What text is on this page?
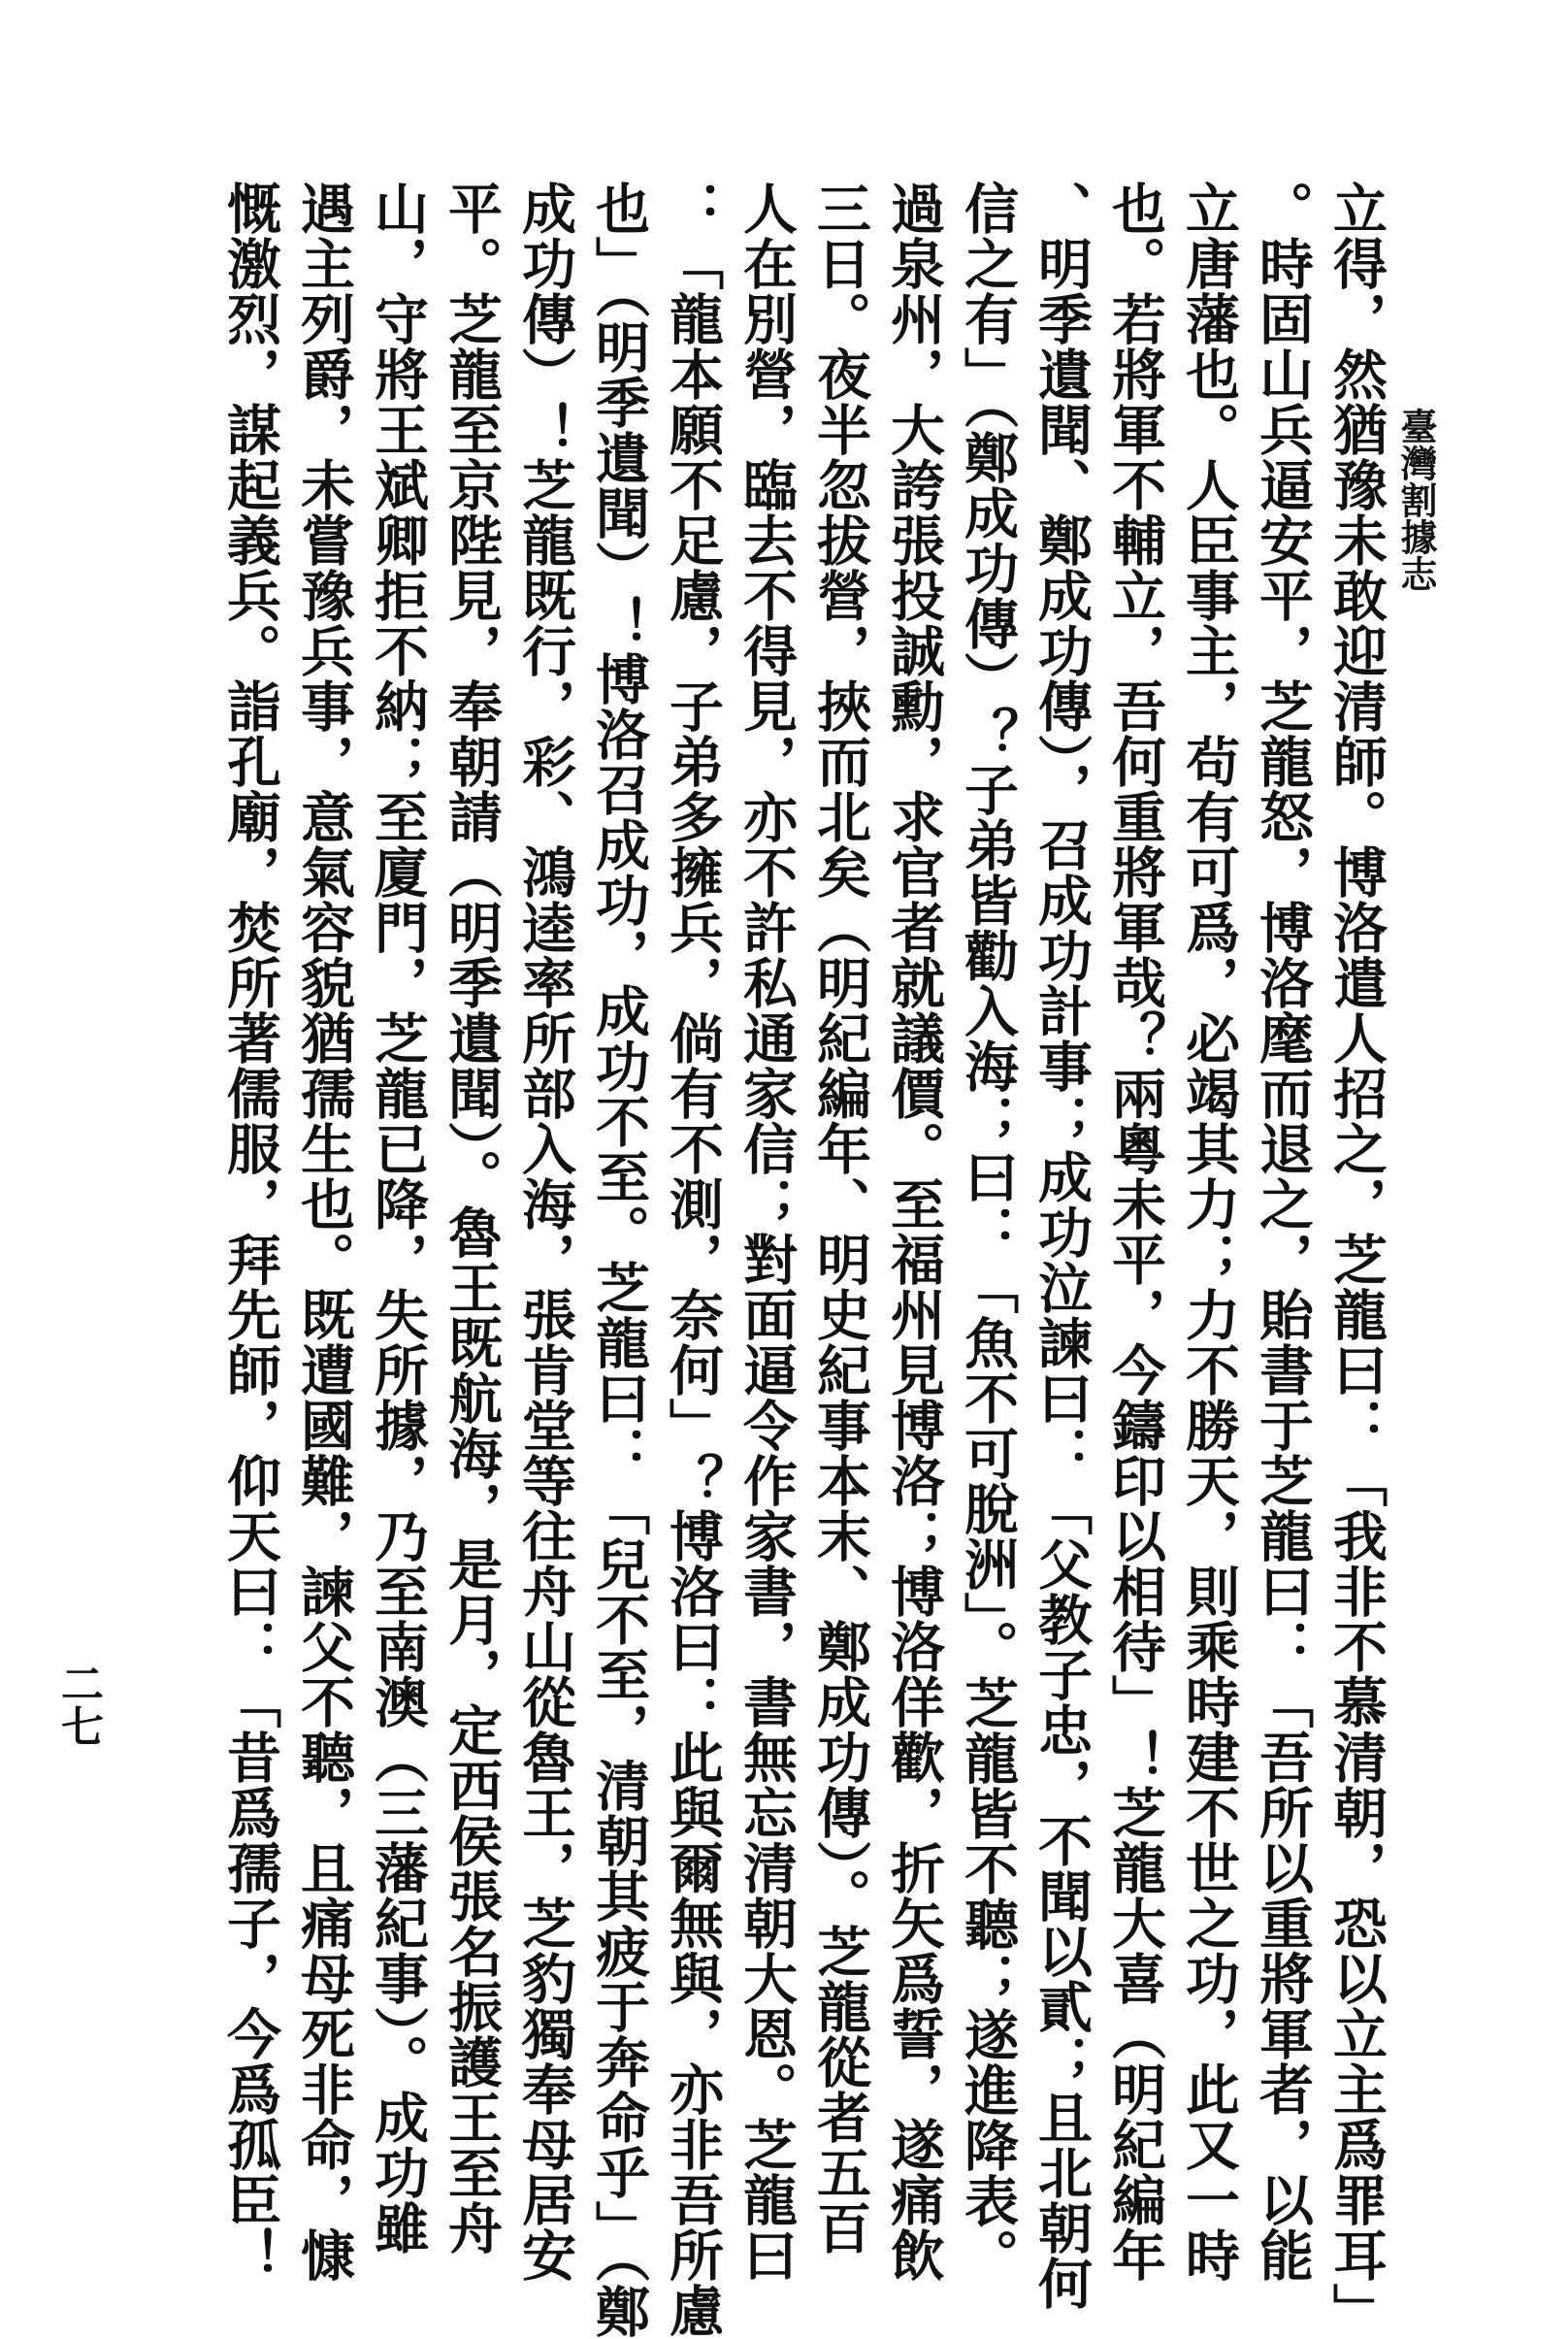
臺灣割據志
立得，然猶豫未敢迎清師。博洛遣人招之，芝龍曰：「我非不慕清朝，恐以立主爲罪耳」
。時固山兵逼安平，芝龍怒，博洛麾而退之，貽書于芝龍曰：「吾所以重將軍者，以能
立唐藩也。人臣事主，茍有可爲，必竭其力；力不勝天，則乘時建不世之功，此又一時
也。若將軍不輔立，吾何重將軍哉？兩粵未平，今鑄印以相待」！芝龍大喜（明紀編年
、明季遺聞、鄭成功傳），召成功計事；成功泣諫曰：「父教子忠，不聞以貳；且北朝何
信之有」（鄭成功傳）？子弟皆勸入海；曰：「魚不可脫洲」。芝龍皆不聽；遂進降表。
過泉州，大誇張投誠勳，求官者就議價。至福州見博洛；博洛佯歡，折矢爲誓，遂痛飲
三日。夜半忽拔營，挾而北矣（明紀編年、明史紀事本末、鄭成功傳）。芝龍從者五百
人在別營，臨去不得見，亦不許私通家信；對面逼令作家書，書無忘清朝大恩。芝龍曰
：「龍本願不足慮，子弟多擁兵，倘有不測，奈何」？博洛曰：此與爾無與，亦非吾所慮
也」（明季遺聞）！博洛召成功，成功不至。芝龍曰：「兒不至，清朝其疲于奔命乎」（鄭
成功傳）！芝龍既行，彩、鴻逵率所部入海，張肯堂等往舟山從魯王，芝豹獨奉母居安
平。芝龍至京陛見，奉朝請（明季遺聞）。魯王既航海，是月，定西侯張名振護王至舟
山，守將王斌卿拒不納；至廈門，芝龍已降，失所據，乃至南澳（三藩紀事）。成功雖
遇主列爵，未嘗豫兵事，意氣容貌猶孺生也。既遭國難，諫父不聽，且痛母死非命，慷
慨激烈，謀起義兵。詣孔廟，焚所著儒服，拜先師，仰天曰：「昔爲孺子，今爲孤臣！
二七
